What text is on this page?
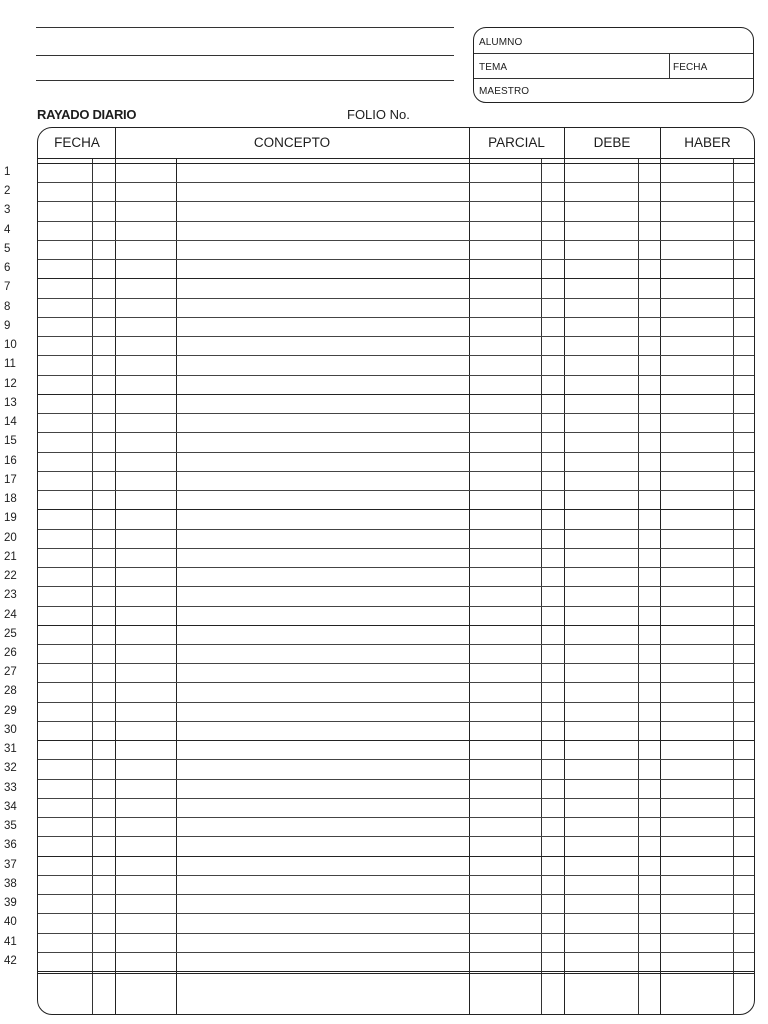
ALUMNO
TEMA	FECHA
MAESTRO
RAYADO DIARIO	FOLIO No.
FECHA	CONCEPTO	PARCIAL	DEBE	HABER
1
2
3
4
5
6
7
8
9
10
11
12
13
14
15
16
17
18
19
20
21
22
23
24
25
26
27
28
29
30
31
32
33
34
35
36
37
38
39
40
41
42
